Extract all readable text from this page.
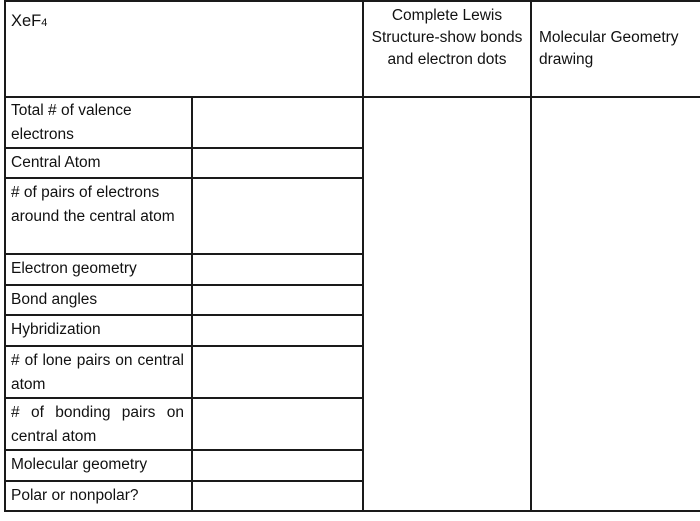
XeF4	Complete Lewis Structure-show bonds and electron dots
Molecular Geometry drawing
Total # of valence electrons
Central Atom
# of pairs of electrons around the central atom
Electron geometry
Bond angles
Hybridization
# of lone pairs on central atom
# of bonding pairs on central atom
Molecular geometry
Polar or nonpolar?
